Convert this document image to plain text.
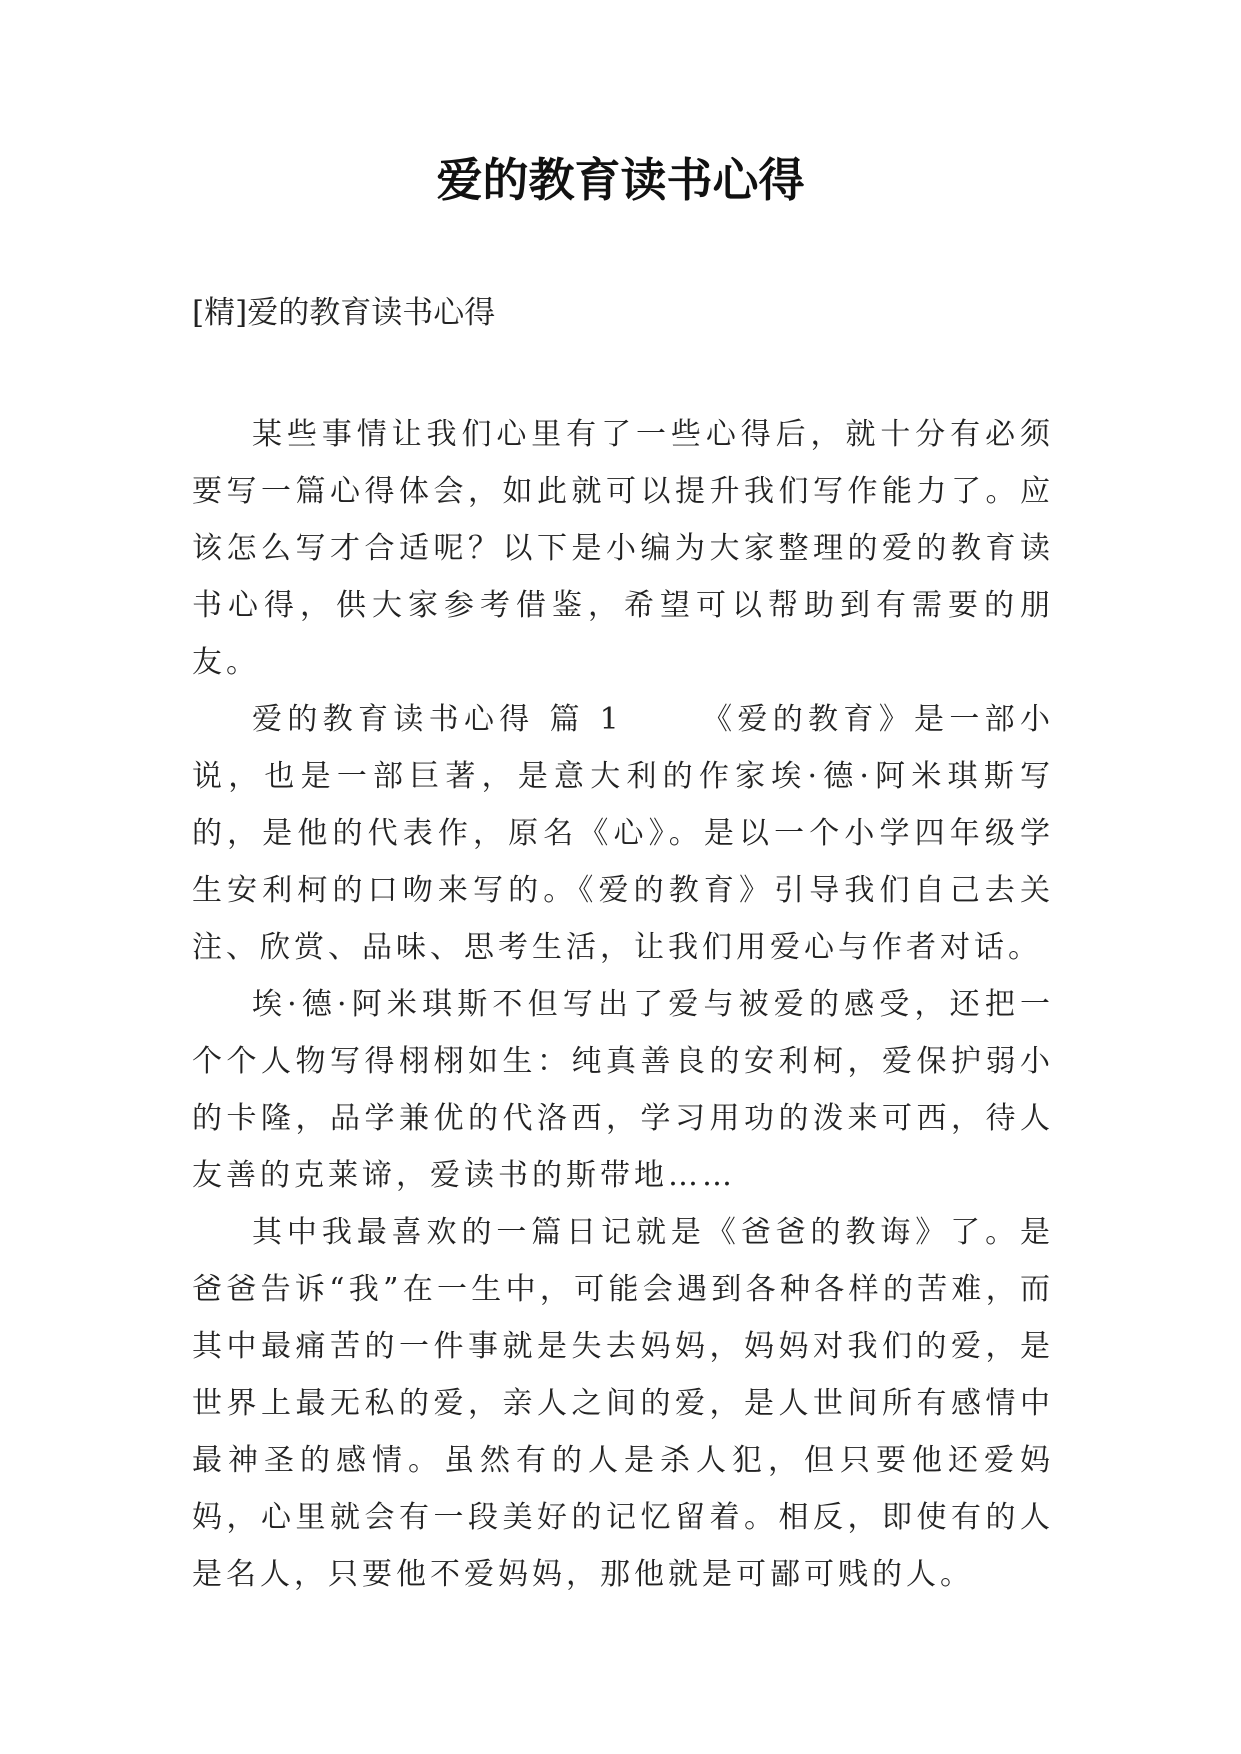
爱的教育读书心得
[精]爱的教育读书心得

某些事情让我们心里有了一些心得后，就十分有必须要写一篇心得体会，如此就可以提升我们写作能力了。应该怎么写才合适呢？以下是小编为大家整理的爱的教育读书心得，供大家参考借鉴，希望可以帮助到有需要的朋友。

爱的教育读书心得 篇 1	《爱的教育》是一部小说，也是一部巨著，是意大利的作家埃·德·阿米琪斯写的，是他的代表作，原名《心》。是以一个小学四年级学生安利柯的口吻来写的。《爱的教育》引导我们自己去关注、欣赏、品味、思考生活，让我们用爱心与作者对话。

埃·德·阿米琪斯不但写出了爱与被爱的感受，还把一个个人物写得栩栩如生：纯真善良的安利柯，爱保护弱小的卡隆，品学兼优的代洛西，学习用功的泼来可西，待人友善的克莱谛，爱读书的斯带地……

其中我最喜欢的一篇日记就是《爸爸的教诲》了。是爸爸告诉“我”在一生中，可能会遇到各种各样的苦难，而其中最痛苦的一件事就是失去妈妈，妈妈对我们的爱，是世界上最无私的爱，亲人之间的爱，是人世间所有感情中最神圣的感情。虽然有的人是杀人犯，但只要他还爱妈妈，心里就会有一段美好的记忆留着。相反，即使有的人是名人，只要他不爱妈妈，那他就是可鄙可贱的人。
